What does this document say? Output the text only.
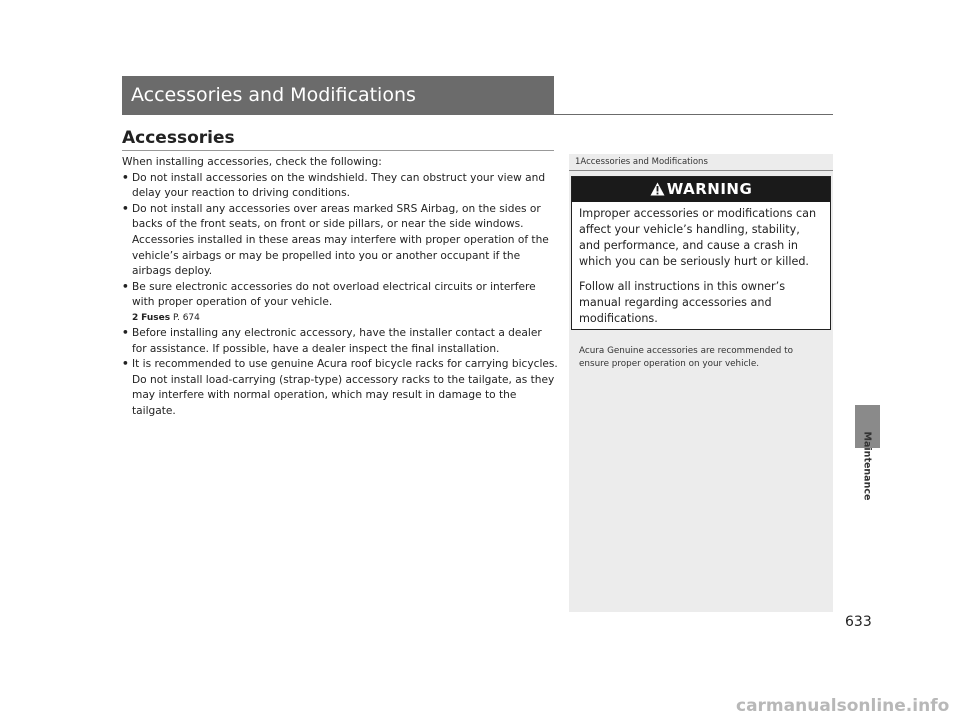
Accessories and Modifications
Accessories

When installing accessories, check the following:

• Do not install accessories on the windshield. They can obstruct your view and delay your reaction to driving conditions.

• Do not install any accessories over areas marked SRS Airbag, on the sides or backs of the front seats, on front or side pillars, or near the side windows. Accessories installed in these areas may interfere with proper operation of the vehicle’s airbags or may be propelled into you or another occupant if the airbags deploy.

• Be sure electronic accessories do not overload electrical circuits or interfere with proper operation of your vehicle.

2 Fuses P. 674

• Before installing any electronic accessory, have the installer contact a dealer for assistance. If possible, have a dealer inspect the final installation.

• It is recommended to use genuine Acura roof bicycle racks for carrying bicycles. Do not install load-carrying (strap-type) accessory racks to the tailgate, as they may interfere with normal operation, which may result in damage to the tailgate.

1Accessories and Modifications
WARNING

Improper accessories or modifications can affect your vehicle’s handling, stability, and performance, and cause a crash in which you can be seriously hurt or killed.

Follow all instructions in this owner’s manual regarding accessories and modifications.

Acura Genuine accessories are recommended to ensure proper operation on your vehicle.
Maintenance
633
carmanualsonline.info
